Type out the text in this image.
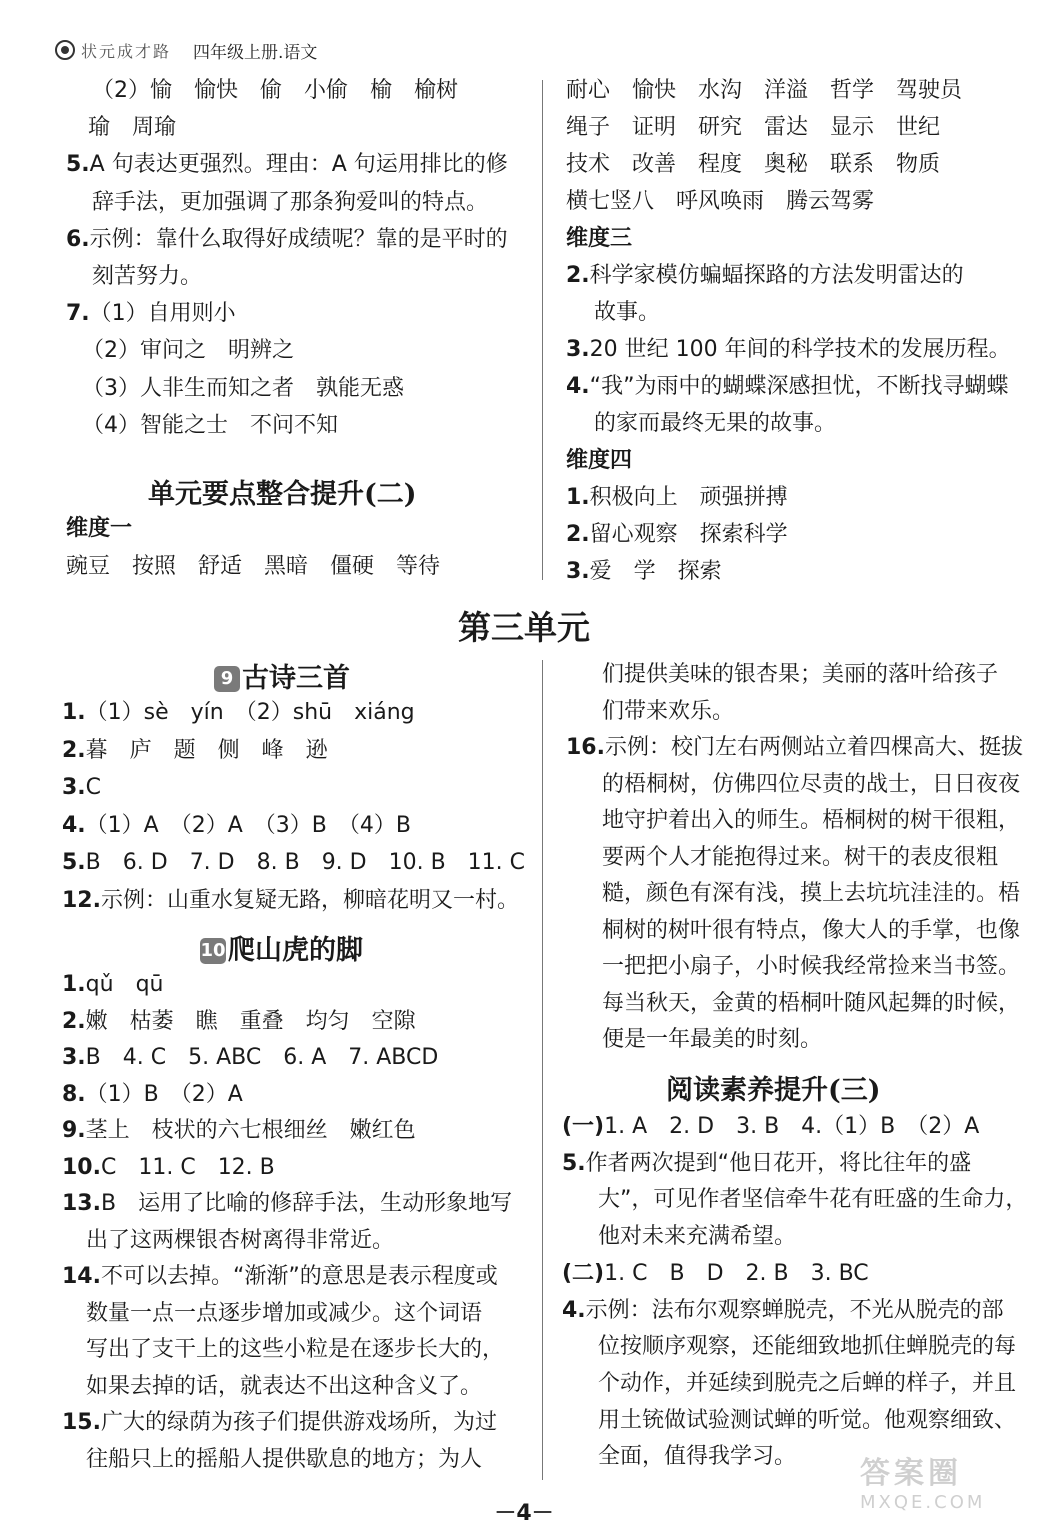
状元成才路 四年级上册.语文
（2）愉　愉快　偷　小偷　榆　榆树
瑜　周瑜
5.A 句表达更强烈。理由：A 句运用排比的修
辞手法，更加强调了那条狗爱叫的特点。
6.示例：靠什么取得好成绩呢？靠的是平时的
刻苦努力。
7.（1）自用则小
（2）审问之　明辨之
（3）人非生而知之者　孰能无惑
（4）智能之士　不问不知
单元要点整合提升(二)
维度一
豌豆　按照　舒适　黑暗　僵硬　等待
耐心　愉快　水沟　洋溢　哲学　驾驶员
绳子　证明　研究　雷达　显示　世纪
技术　改善　程度　奥秘　联系　物质
横七竖八　呼风唤雨　腾云驾雾
维度三
2.科学家模仿蝙蝠探路的方法发明雷达的
故事。
3.20 世纪 100 年间的科学技术的发展历程。
4.“我”为雨中的蝴蝶深感担忧，不断找寻蝴蝶
的家而最终无果的故事。
维度四
1.积极向上　顽强拼搏
2.留心观察　探索科学
3.爱　学　探索
第三单元
9 古诗三首
1.（1）sè　yín　（2）shū　xiáng
2.暮　庐　题　侧　峰　逊
3.C
4.（1）A　（2）A　（3）B　（4）B
5.B　6. D　7. D　8. B　9. D　10. B　11. C
12.示例：山重水复疑无路，柳暗花明又一村。
10爬山虎的脚
1.qǔ　qū
2.嫩　枯萎　瞧　重叠　均匀　空隙
3.B　4. C　5. ABC　6. A　7. ABCD
8.（1）B　（2）A
9.茎上　枝状的六七根细丝　嫩红色
10.C　11. C　12. B
13.B　运用了比喻的修辞手法，生动形象地写
出了这两棵银杏树离得非常近。
14.不可以去掉。“渐渐”的意思是表示程度或
数量一点一点逐步增加或减少。这个词语
写出了支干上的这些小粒是在逐步长大的，
如果去掉的话，就表达不出这种含义了。
15.广大的绿荫为孩子们提供游戏场所，为过
往船只上的摇船人提供歇息的地方；为人
们提供美味的银杏果；美丽的落叶给孩子
们带来欢乐。
16.示例：校门左右两侧站立着四棵高大、挺拔
的梧桐树，仿佛四位尽责的战士，日日夜夜
地守护着出入的师生。梧桐树的树干很粗，
要两个人才能抱得过来。树干的表皮很粗
糙，颜色有深有浅，摸上去坑坑洼洼的。梧
桐树的树叶很有特点，像大人的手掌，也像
一把把小扇子，小时候我经常捡来当书签。
每当秋天，金黄的梧桐叶随风起舞的时候，
便是一年最美的时刻。
阅读素养提升(三)
(一)1. A　2. D　3. B　4.（1）B　（2）A
5.作者两次提到“他日花开，将比往年的盛
大”，可见作者坚信牵牛花有旺盛的生命力，
他对未来充满希望。
(二)1. C　B　D　2. B　3. BC
4.示例：法布尔观察蝉脱壳，不光从脱壳的部
位按顺序观察，还能细致地抓住蝉脱壳的每
个动作，并延续到脱壳之后蝉的样子，并且
用土铳做试验测试蝉的听觉。他观察细致、
全面，值得我学习。
－4－
答案圈
MXQE.COM
